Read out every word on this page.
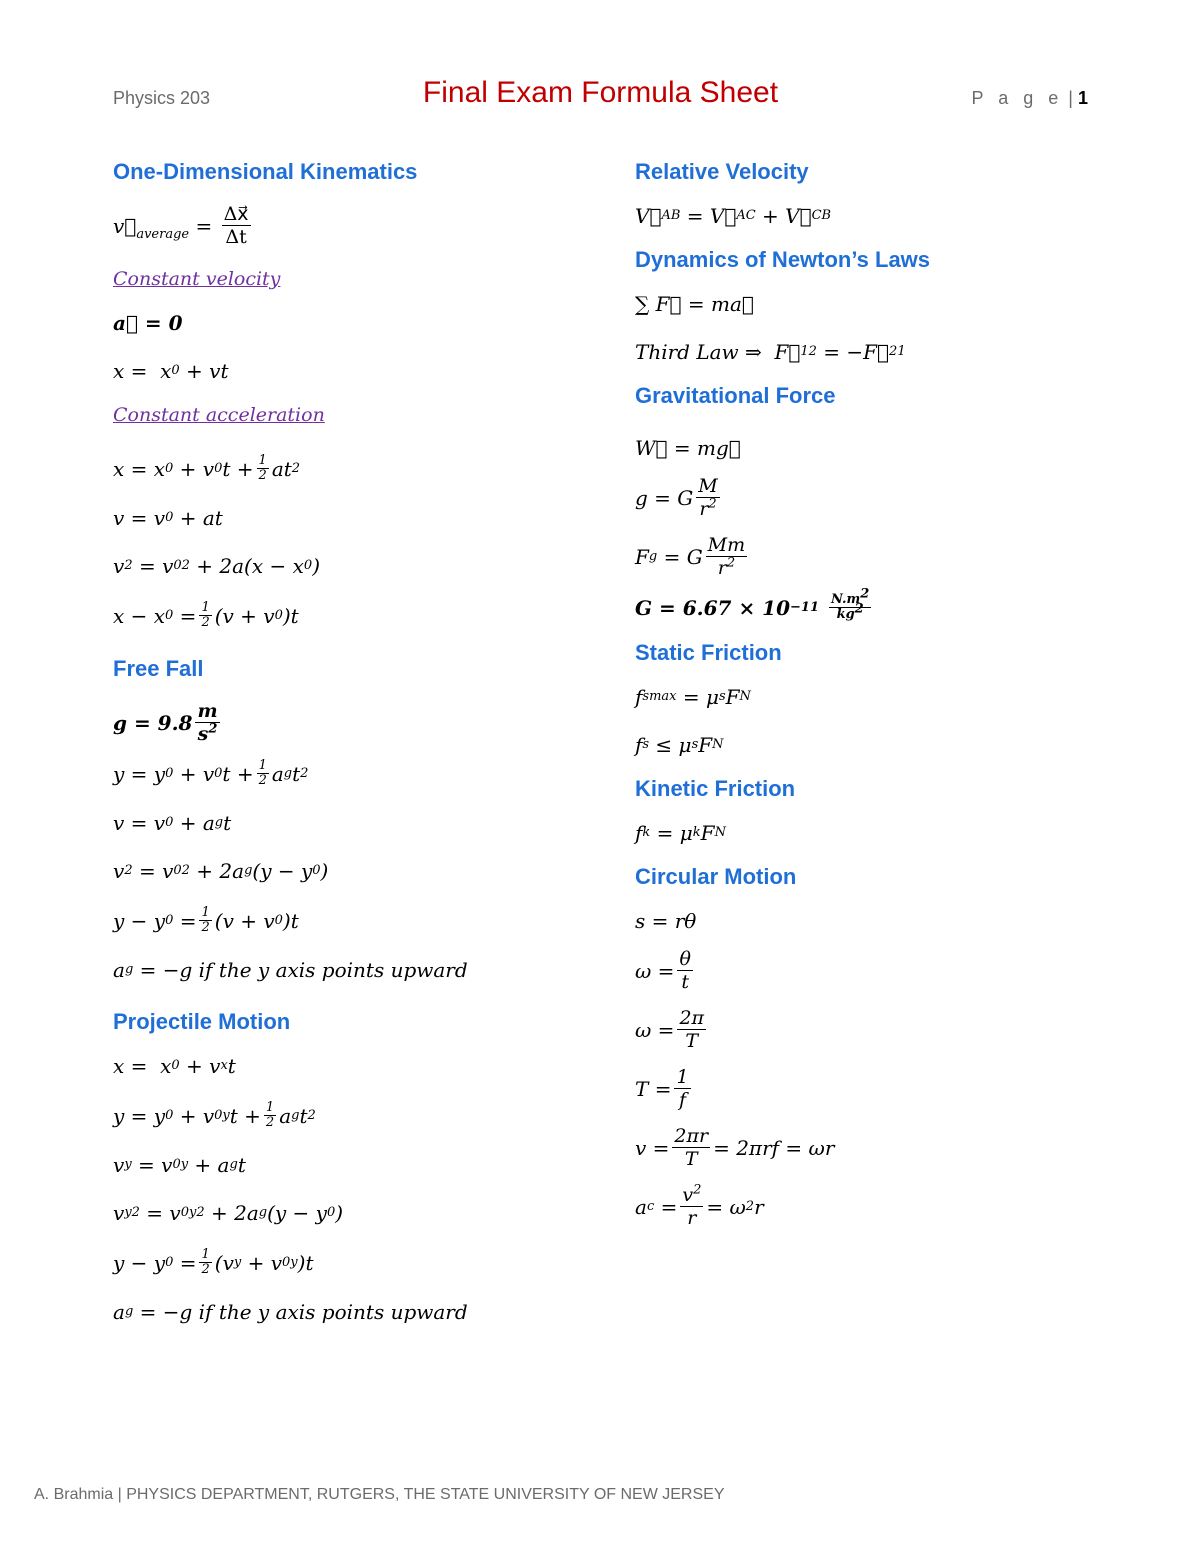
Physics 203	Final Exam Formula Sheet	P a g e | 1
One-Dimensional Kinematics
$v⃗_{average} = \frac{\Delta x⃗}{\Delta t}$
Constant velocity
a⃗ = 0
x =  x 0 + vt
Constant acceleration
x = x 0 + v 0 $t + \frac{1}{2}$ at 2
v = v 0 + at
v 2 = v 0 2 + 2a(x − x 0 )
x − x $0 = \frac{1}{2} (v + v$ 0 )t
Free Fall
$g = 9.8 \frac{m}{s^2}$
y = y 0 + v 0 $t + \frac{1}{2}$ a g t 2
v = v 0 + a g t
v 2 = v 0 2 + 2a g (y − y 0 )
y − y $0 = \frac{1}{2} (v + v$ 0 )t
a g = −g if the y axis points upward
Projectile Motion
x =  x 0 + v x t
y = y 0 + v 0y $t + \frac{1}{2}$ a g t 2
v y = v 0y + a g t
v y 2 = v 0y 2 + 2a g (y − y 0 )
y − y $0 = \frac{1}{2} (v$ y + v 0y )t
a g = −g if the y axis points upward
Relative Velocity
V⃗ AB = V⃗ AC + V⃗ CB
Dynamics of Newton’s Laws
∑ F⃗ = ma⃗
Third Law ⇒  F⃗ 12 = −F⃗ 21
Gravitational Force
W⃗ = mg⃗
g = G $\frac{M}{r^2}$
F g = G $\frac{Mm}{r^2}$
G = 6.67 × 10 −11
$\frac{N.m^2}{kg^2}$
Static Friction
f s max = μ s F N
f s ≤ μ s F N
Kinetic Friction
f k = μ k F N
Circular Motion
s = rθ
$\omega = \frac{\theta}{t}$
$\omega = \frac{2\pi}{T}$
$T = \frac{1}{f}$
$v = \frac{2\pi r}{T} = 2\pi rf = \omega r$
a $c = \frac{v^2}{r} = \omega$ 2 r
A. Brahmia | PHYSICS DEPARTMENT, RUTGERS, THE STATE UNIVERSITY OF NEW JERSEY
